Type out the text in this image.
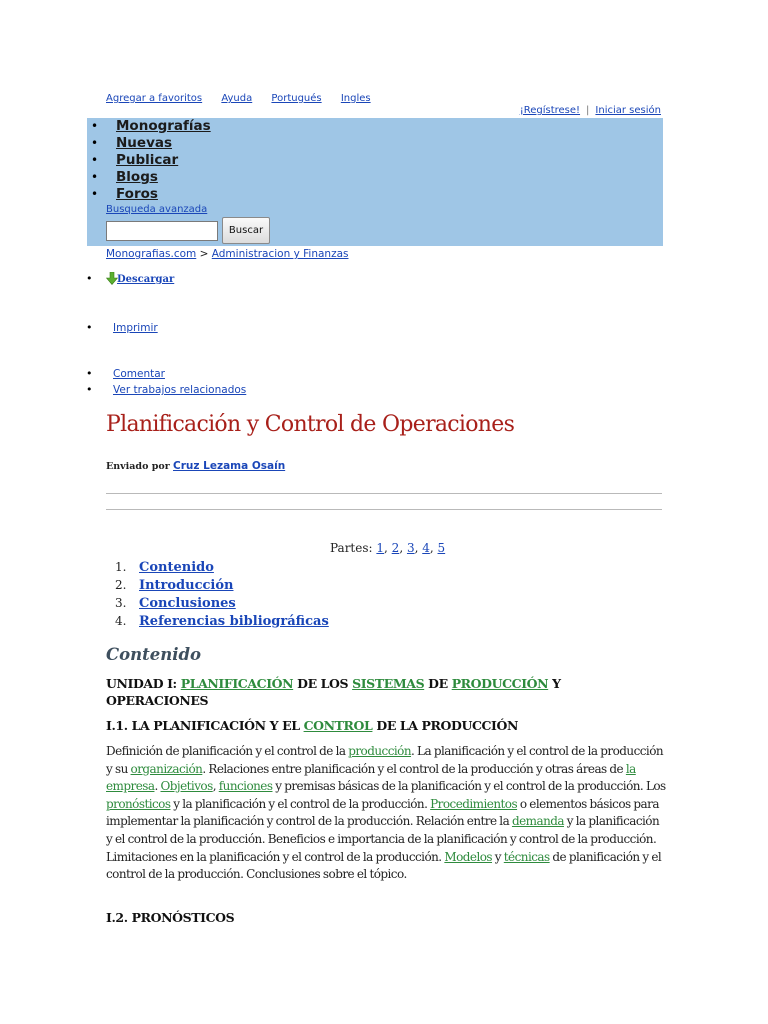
Agregar a favoritos Ayuda Portugués Ingles
¡Regístrese! | Iniciar sesión
• Monografías
• Nuevas
• Publicar
• Blogs
• Foros
Busqueda avanzada
Buscar
Monografias.com > Administracion y Finanzas
• Descargar
• Imprimir
• Comentar
• Ver trabajos relacionados
Planificación y Control de Operaciones
Enviado por Cruz Lezama Osaín
Partes: 1, 2, 3, 4, 5
1. Contenido
2. Introducción
3. Conclusiones
4. Referencias bibliográficas
Contenido
UNIDAD I: PLANIFICACIÓN DE LOS SISTEMAS DE PRODUCCIÓN Y OPERACIONES
I.1. LA PLANIFICACIÓN Y EL CONTROL DE LA PRODUCCIÓN
Definición de planificación y el control de la producción. La planificación y el control de la producción y su organización. Relaciones entre planificación y el control de la producción y otras áreas de la empresa. Objetivos, funciones y premisas básicas de la planificación y el control de la producción. Los pronósticos y la planificación y el control de la producción. Procedimientos o elementos básicos para implementar la planificación y control de la producción. Relación entre la demanda y la planificación y el control de la producción. Beneficios e importancia de la planificación y control de la producción. Limitaciones en la planificación y el control de la producción. Modelos y técnicas de planificación y el control de la producción. Conclusiones sobre el tópico.
I.2. PRONÓSTICOS
